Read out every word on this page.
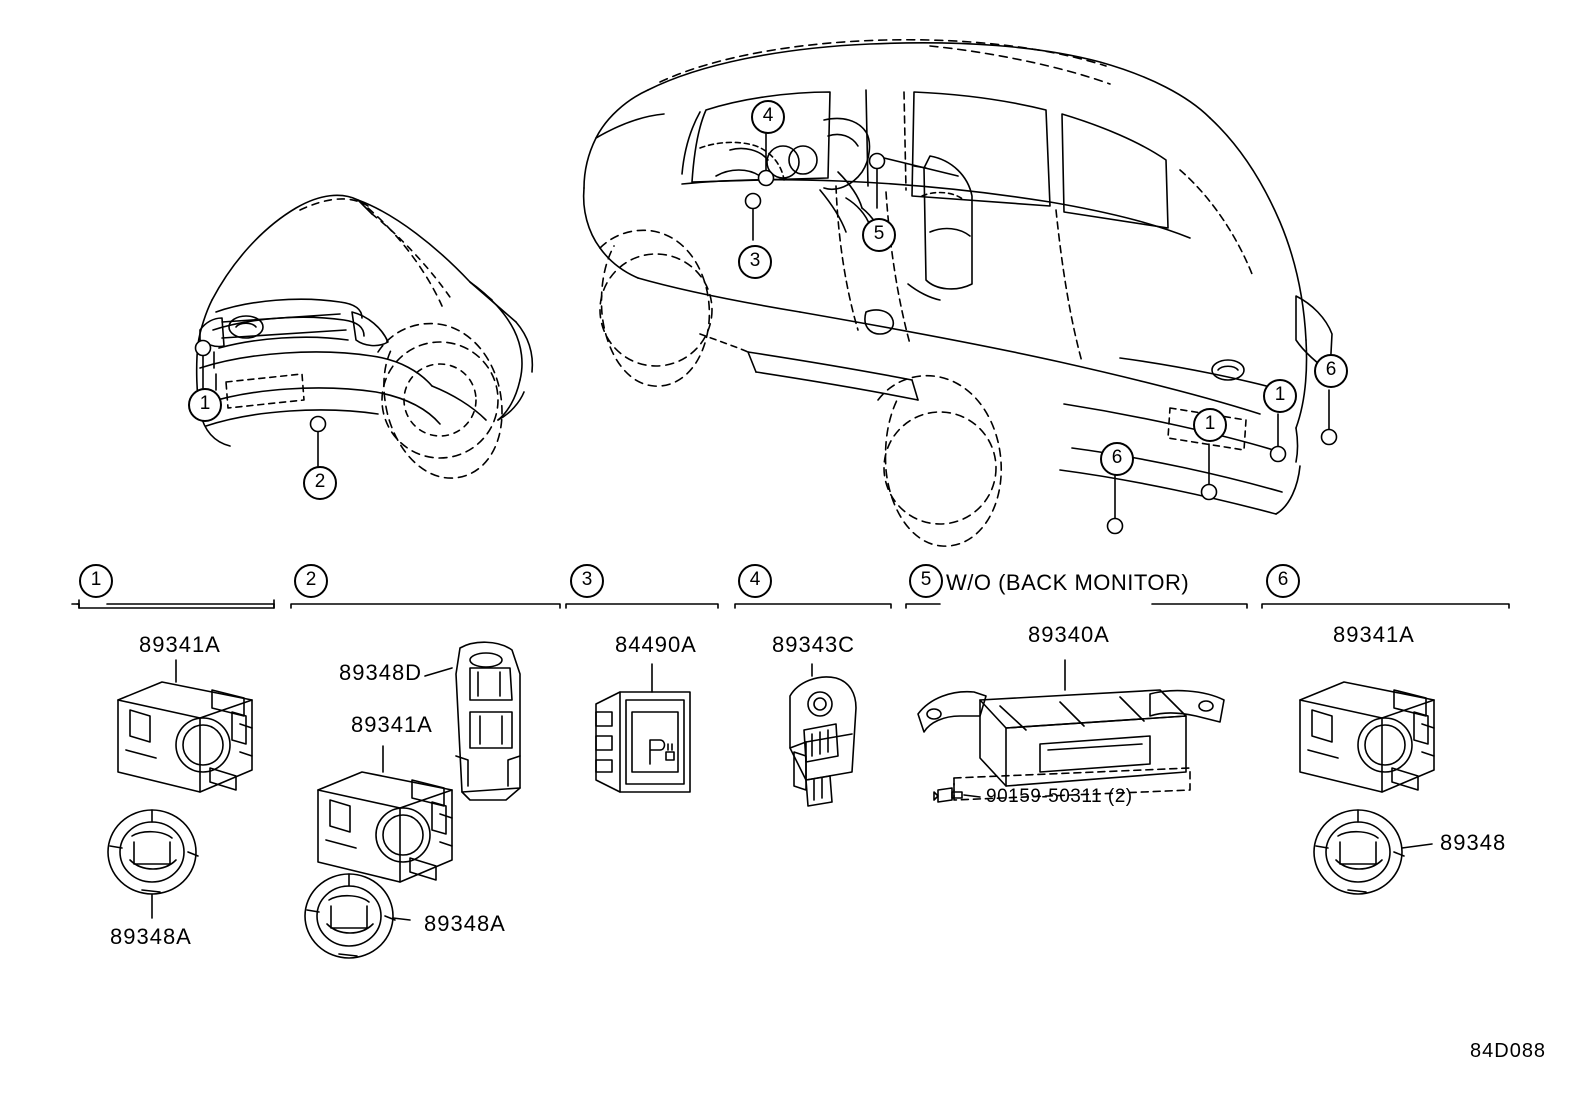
1
2
4
3
5
6
1
1
6
1	2	3	4	5	6
W/O (BACK MONITOR)
89341A
89348A
89348D
89341A
89348A
84490A	89343C	89340A
90159-50311 (2)
89341A
89348
84D088
